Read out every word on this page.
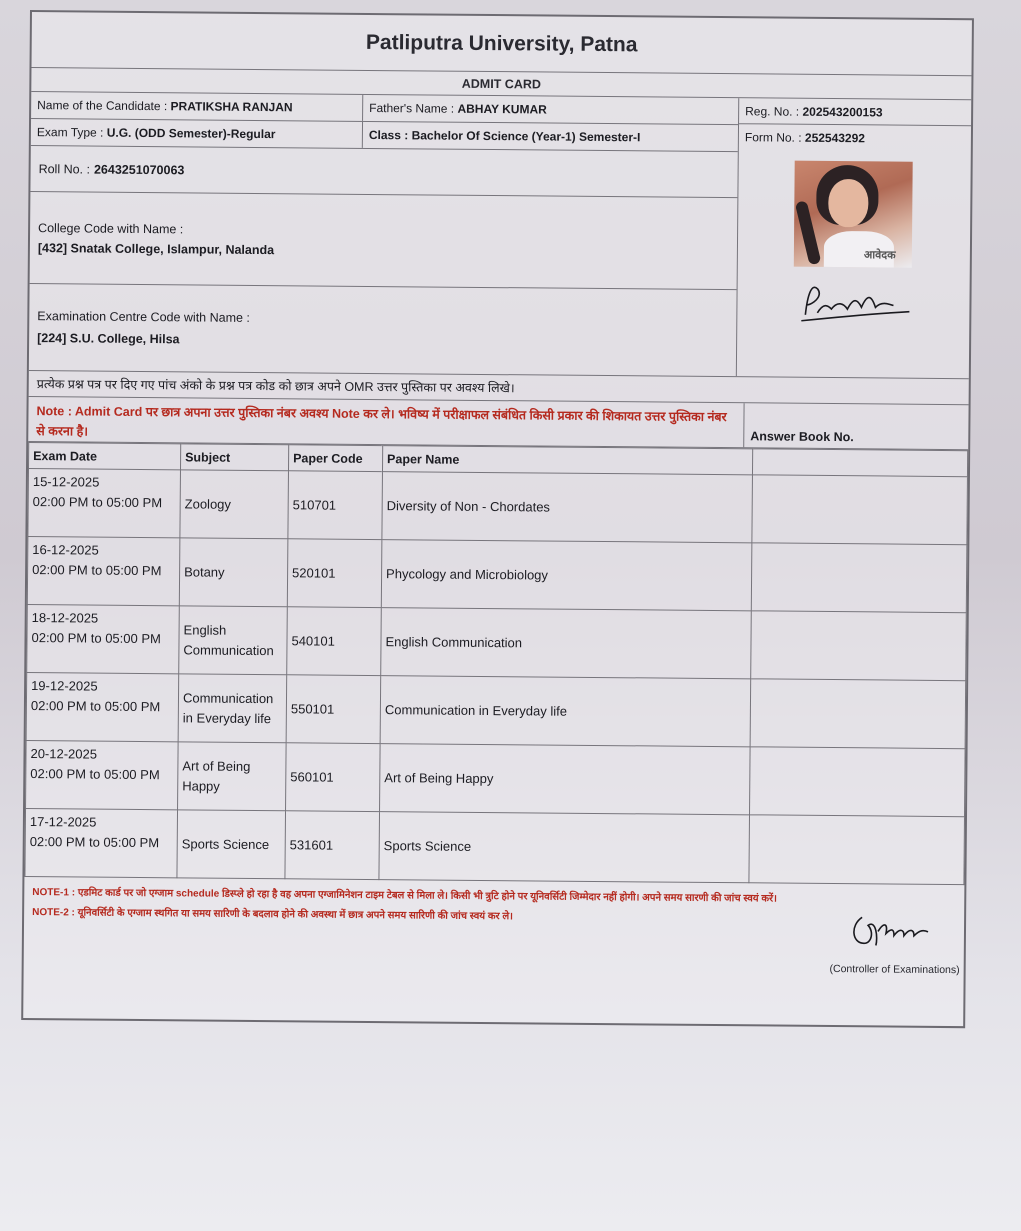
Patliputra University, Patna
ADMIT CARD
Name of the Candidate :
PRATIKSHA RANJAN	Father's Name :
ABHAY KUMAR
Exam Type :
U.G. (ODD Semester)-Regular	Class :
Bachelor Of Science (Year-1) Semester-I
Roll No. : 2643251070063
College Code with Name :
[432] Snatak College, Islampur, Nalanda
Examination Centre Code with Name :
[224] S.U. College, Hilsa
Reg. No. :
202543200153
Form No. :
252543292
आवेदक
Pratiksha
प्रत्येक प्रश्न पत्र पर दिए गए पांच अंको के प्रश्न पत्र कोड को छात्र अपने OMR उत्तर पुस्तिका पर अवश्य लिखे।
Note : Admit Card पर छात्र अपना उत्तर पुस्तिका नंबर अवश्य Note कर ले। भविष्य में परीक्षाफल संबंधित किसी प्रकार की शिकायत उत्तर पुस्तिका नंबर से करना है।	Answer Book No.
Exam Date	Subject	Paper Code	Paper Name	

15-12-2025
02:00 PM to 05:00 PM	Zoology	510701	Diversity of Non - Chordates	

16-12-2025
02:00 PM to 05:00 PM	Botany	520101	Phycology and Microbiology	

18-12-2025
02:00 PM to 05:00 PM	English Communication	540101	English Communication	

19-12-2025
02:00 PM to 05:00 PM	Communication in Everyday life	550101	Communication in Everyday life	

20-12-2025
02:00 PM to 05:00 PM	Art of Being Happy	560101	Art of Being Happy	

17-12-2025
02:00 PM to 05:00 PM	Sports Science	531601	Sports Science	
NOTE-1 : एडमिट कार्ड पर जो एग्जाम schedule डिस्प्ले हो रहा है वह अपना एग्जामिनेशन टाइम टेबल से मिला ले। किसी भी त्रुटि होने पर यूनिवर्सिटी जिम्मेदार नहीं होगी। अपने समय सारणी की जांच स्वयं करें।
NOTE-2 : यूनिवर्सिटी के एग्जाम स्थगित या समय सारिणी के बदलाव होने की अवस्था में छात्र अपने समय सारिणी की जांच स्वयं कर ले।
(Controller of Examinations)
